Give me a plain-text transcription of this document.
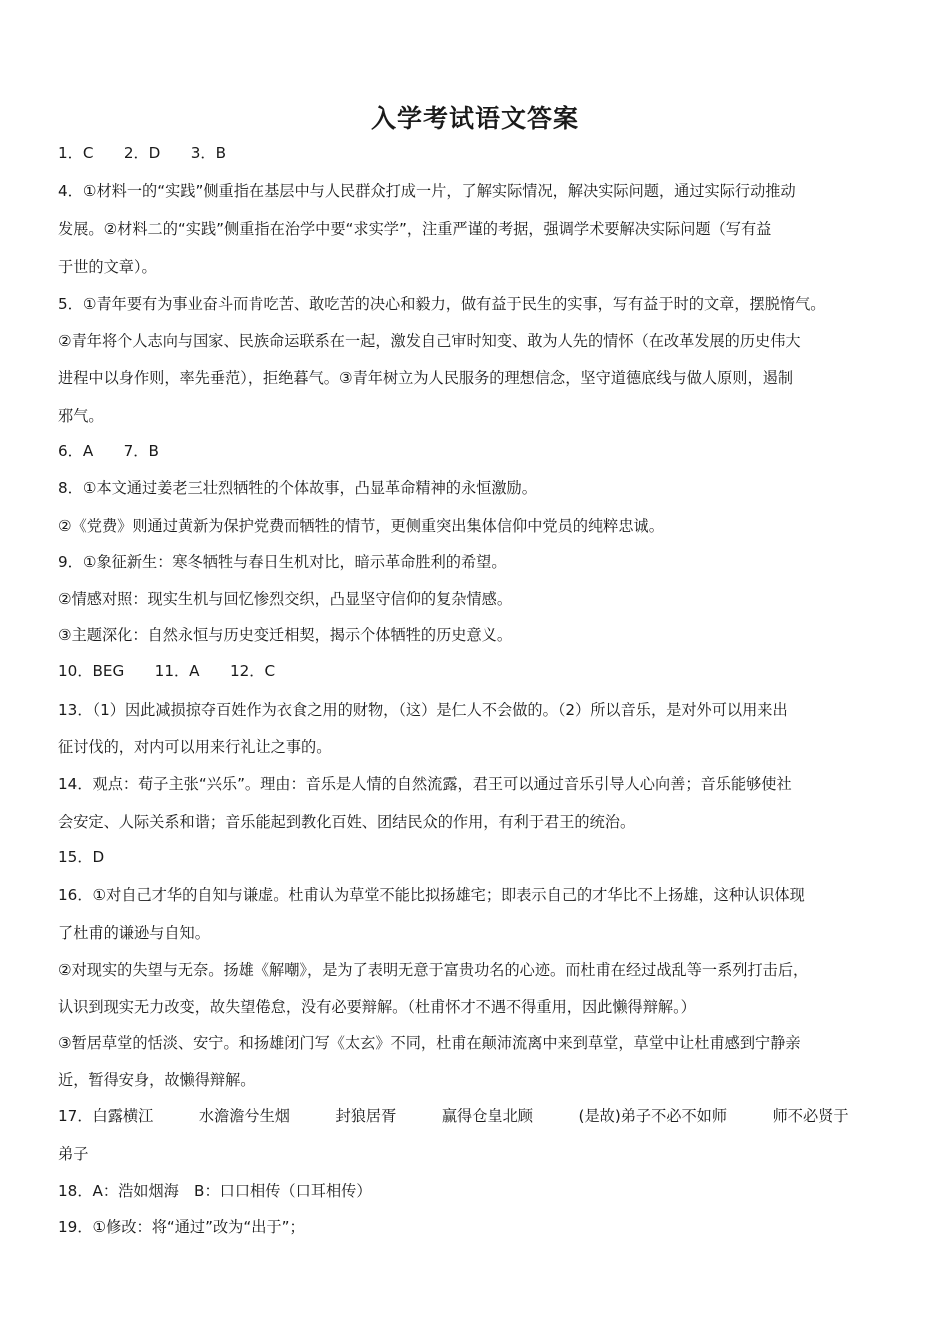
入学考试语文答案
1．C　　2．D　　3．B
4．①材料一的“实践”侧重指在基层中与人民群众打成一片，了解实际情况，解决实际问题，通过实际行动推动
发展。②材料二的“实践”侧重指在治学中要“求实学”，注重严谨的考据，强调学术要解决实际问题（写有益
于世的文章）。
5．①青年要有为事业奋斗而肯吃苦、敢吃苦的决心和毅力，做有益于民生的实事，写有益于时的文章，摆脱惰气。
②青年将个人志向与国家、民族命运联系在一起，激发自己审时知变、敢为人先的情怀（在改革发展的历史伟大
进程中以身作则，率先垂范），拒绝暮气。③青年树立为人民服务的理想信念，坚守道德底线与做人原则，遏制
邪气。
6．A　　7．B
8．①本文通过姜老三壮烈牺牲的个体故事，凸显革命精神的永恒激励。
②《党费》则通过黄新为保护党费而牺牲的情节，更侧重突出集体信仰中党员的纯粹忠诚。
9．①象征新生：寒冬牺牲与春日生机对比，暗示革命胜利的希望。
②情感对照：现实生机与回忆惨烈交织，凸显坚守信仰的复杂情感。
③主题深化：自然永恒与历史变迁相契，揭示个体牺牲的历史意义。
10．BEG　　11．A　　12．C
13．（1）因此减损掠夺百姓作为衣食之用的财物，（这）是仁人不会做的。（2）所以音乐，是对外可以用来出
征讨伐的，对内可以用来行礼让之事的。
14．观点：荀子主张“兴乐”。理由：音乐是人情的自然流露，君王可以通过音乐引导人心向善；音乐能够使社
会安定、人际关系和谐；音乐能起到教化百姓、团结民众的作用，有利于君王的统治。
15．D
16．①对自己才华的自知与谦虚。杜甫认为草堂不能比拟扬雄宅；即表示自己的才华比不上扬雄，这种认识体现
了杜甫的谦逊与自知。
②对现实的失望与无奈。扬雄《解嘲》，是为了表明无意于富贵功名的心迹。而杜甫在经过战乱等一系列打击后，
认识到现实无力改变，故失望倦怠，没有必要辩解。（杜甫怀才不遇不得重用，因此懒得辩解。）
③暂居草堂的恬淡、安宁。和扬雄闭门写《太玄》不同，杜甫在颠沛流离中来到草堂，草堂中让杜甫感到宁静亲
近，暂得安身，故懒得辩解。
17．白露横江　　　水澹澹兮生烟　　　封狼居胥　　　赢得仓皇北顾　　　(是故)弟子不必不如师　　　师不必贤于
弟子
18．A：浩如烟海　B：口口相传（口耳相传）
19．①修改：将“通过”改为“出于”；
